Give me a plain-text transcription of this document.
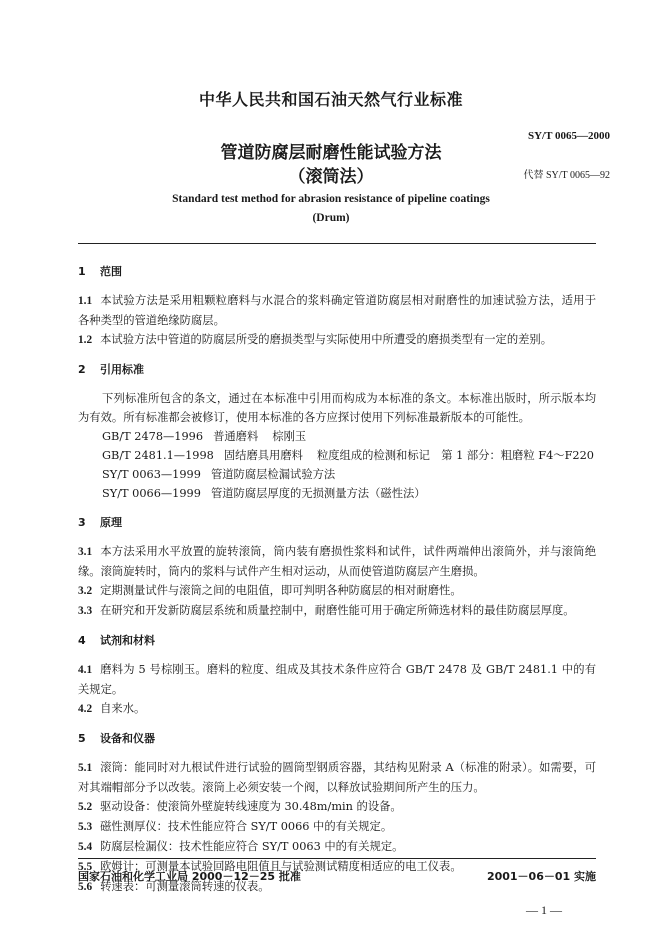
中华人民共和国石油天然气行业标准
SY/T 0065—2000
管道防腐层耐磨性能试验方法
（滚筒法）	代替 SY/T 0065—92
Standard test method for abrasion resistance of pipeline coatings
(Drum)
1 范围

1.1 本试验方法是采用粗颗粒磨料与水混合的浆料确定管道防腐层相对耐磨性的加速试验方法，适用于各种类型的管道绝缘防腐层。

1.2 本试验方法中管道的防腐层所受的磨损类型与实际使用中所遭受的磨损类型有一定的差别。

2 引用标准

下列标准所包含的条文，通过在本标准中引用而构成为本标准的条文。本标准出版时，所示版本均为有效。所有标准都会被修订，使用本标准的各方应探讨使用下列标准最新版本的可能性。

GB/T 2478—1996 普通磨料 棕刚玉

GB/T 2481.1—1998 固结磨具用磨料 粒度组成的检测和标记　第 1 部分：粗磨粒 F4～F220

SY/T 0063—1999 管道防腐层检漏试验方法

SY/T 0066—1999 管道防腐层厚度的无损测量方法（磁性法）

3 原理

3.1 本方法采用水平放置的旋转滚筒，筒内装有磨损性浆料和试件，试件两端伸出滚筒外，并与滚筒绝缘。滚筒旋转时，筒内的浆料与试件产生相对运动，从而使管道防腐层产生磨损。

3.2 定期测量试件与滚筒之间的电阻值，即可判明各种防腐层的相对耐磨性。

3.3 在研究和开发新防腐层系统和质量控制中，耐磨性能可用于确定所筛选材料的最佳防腐层厚度。

4 试剂和材料

4.1 磨料为 5 号棕刚玉。磨料的粒度、组成及其技术条件应符合 GB/T 2478 及 GB/T 2481.1 中的有关规定。

4.2 自来水。

5 设备和仪器

5.1 滚筒：能同时对九根试件进行试验的圆筒型钢质容器，其结构见附录 A（标准的附录）。如需要，可对其端帽部分予以改装。滚筒上必须安装一个阀，以释放试验期间所产生的压力。

5.2 驱动设备：使滚筒外壁旋转线速度为 30.48m/min 的设备。

5.3 磁性测厚仪：技术性能应符合 SY/T 0066 中的有关规定。

5.4 防腐层检漏仪：技术性能应符合 SY/T 0063 中的有关规定。

5.5 欧姆计：可测量本试验回路电阻值且与试验测试精度相适应的电工仪表。

5.6 转速表：可测量滚筒转速的仪表。

国家石油和化学工业局 2000－12－25 批准	2001－06－01 实施
— 1 —
